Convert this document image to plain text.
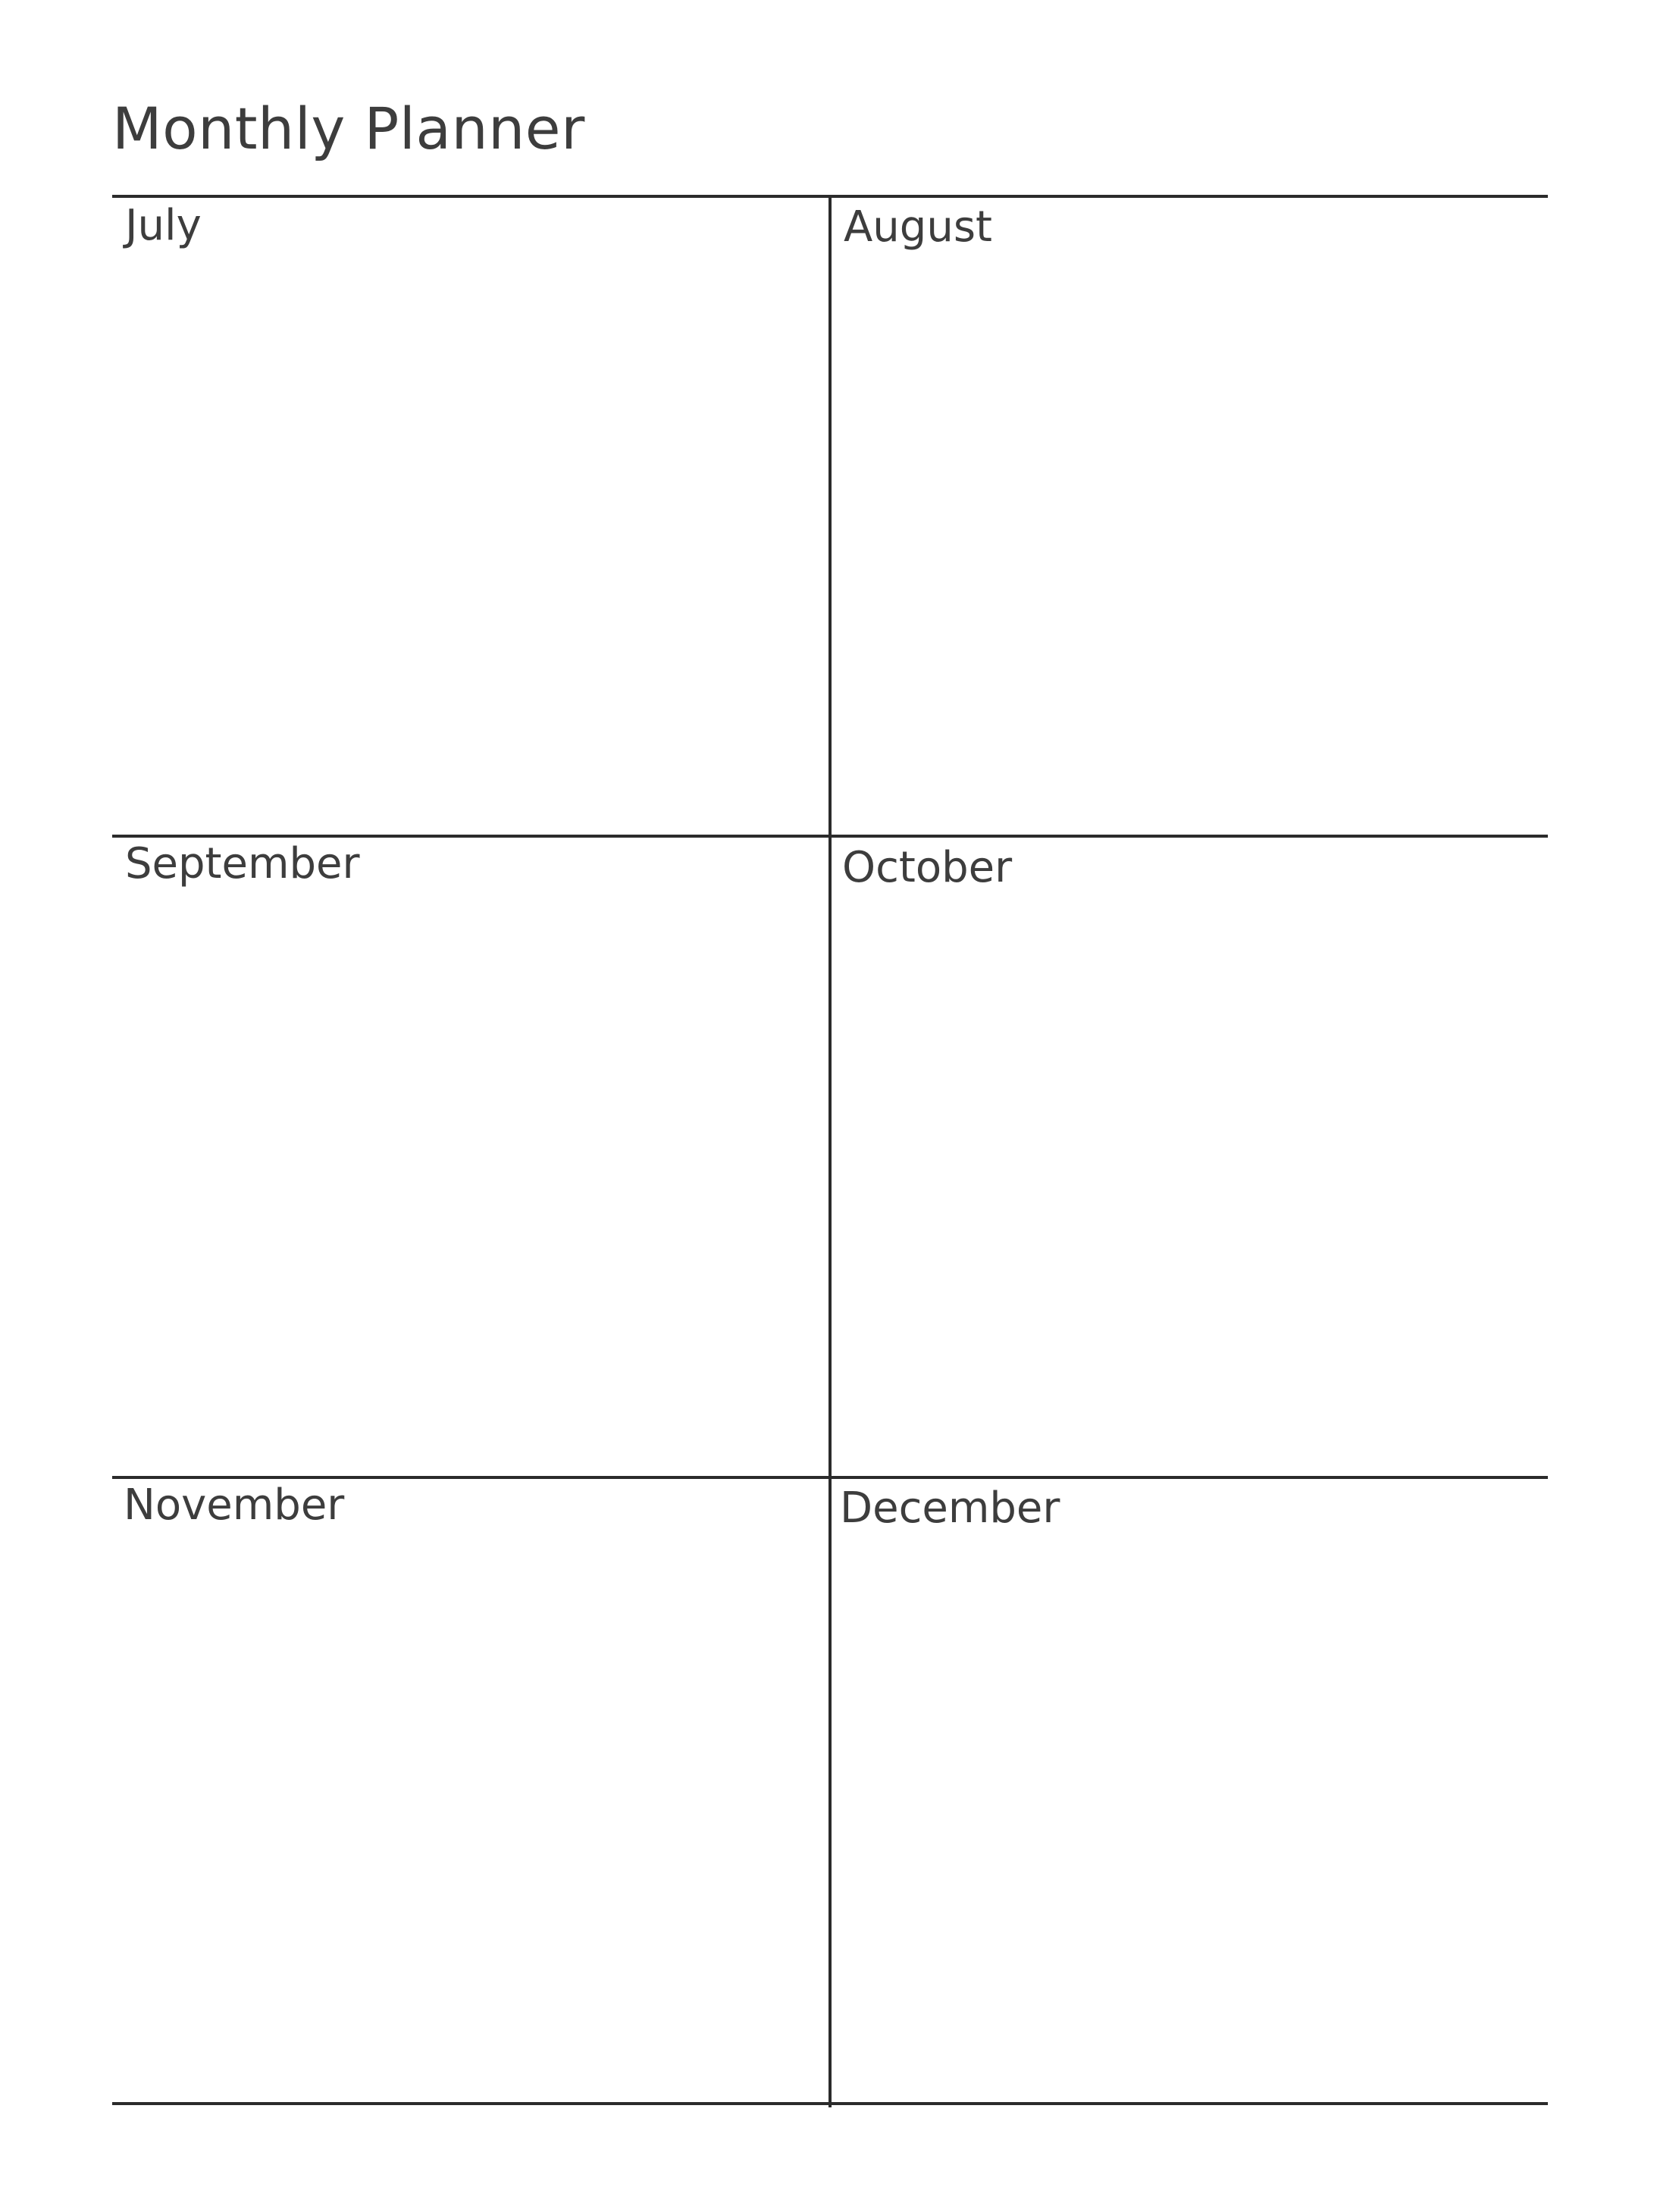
Monthly Planner
July	August
September	October
November	December
